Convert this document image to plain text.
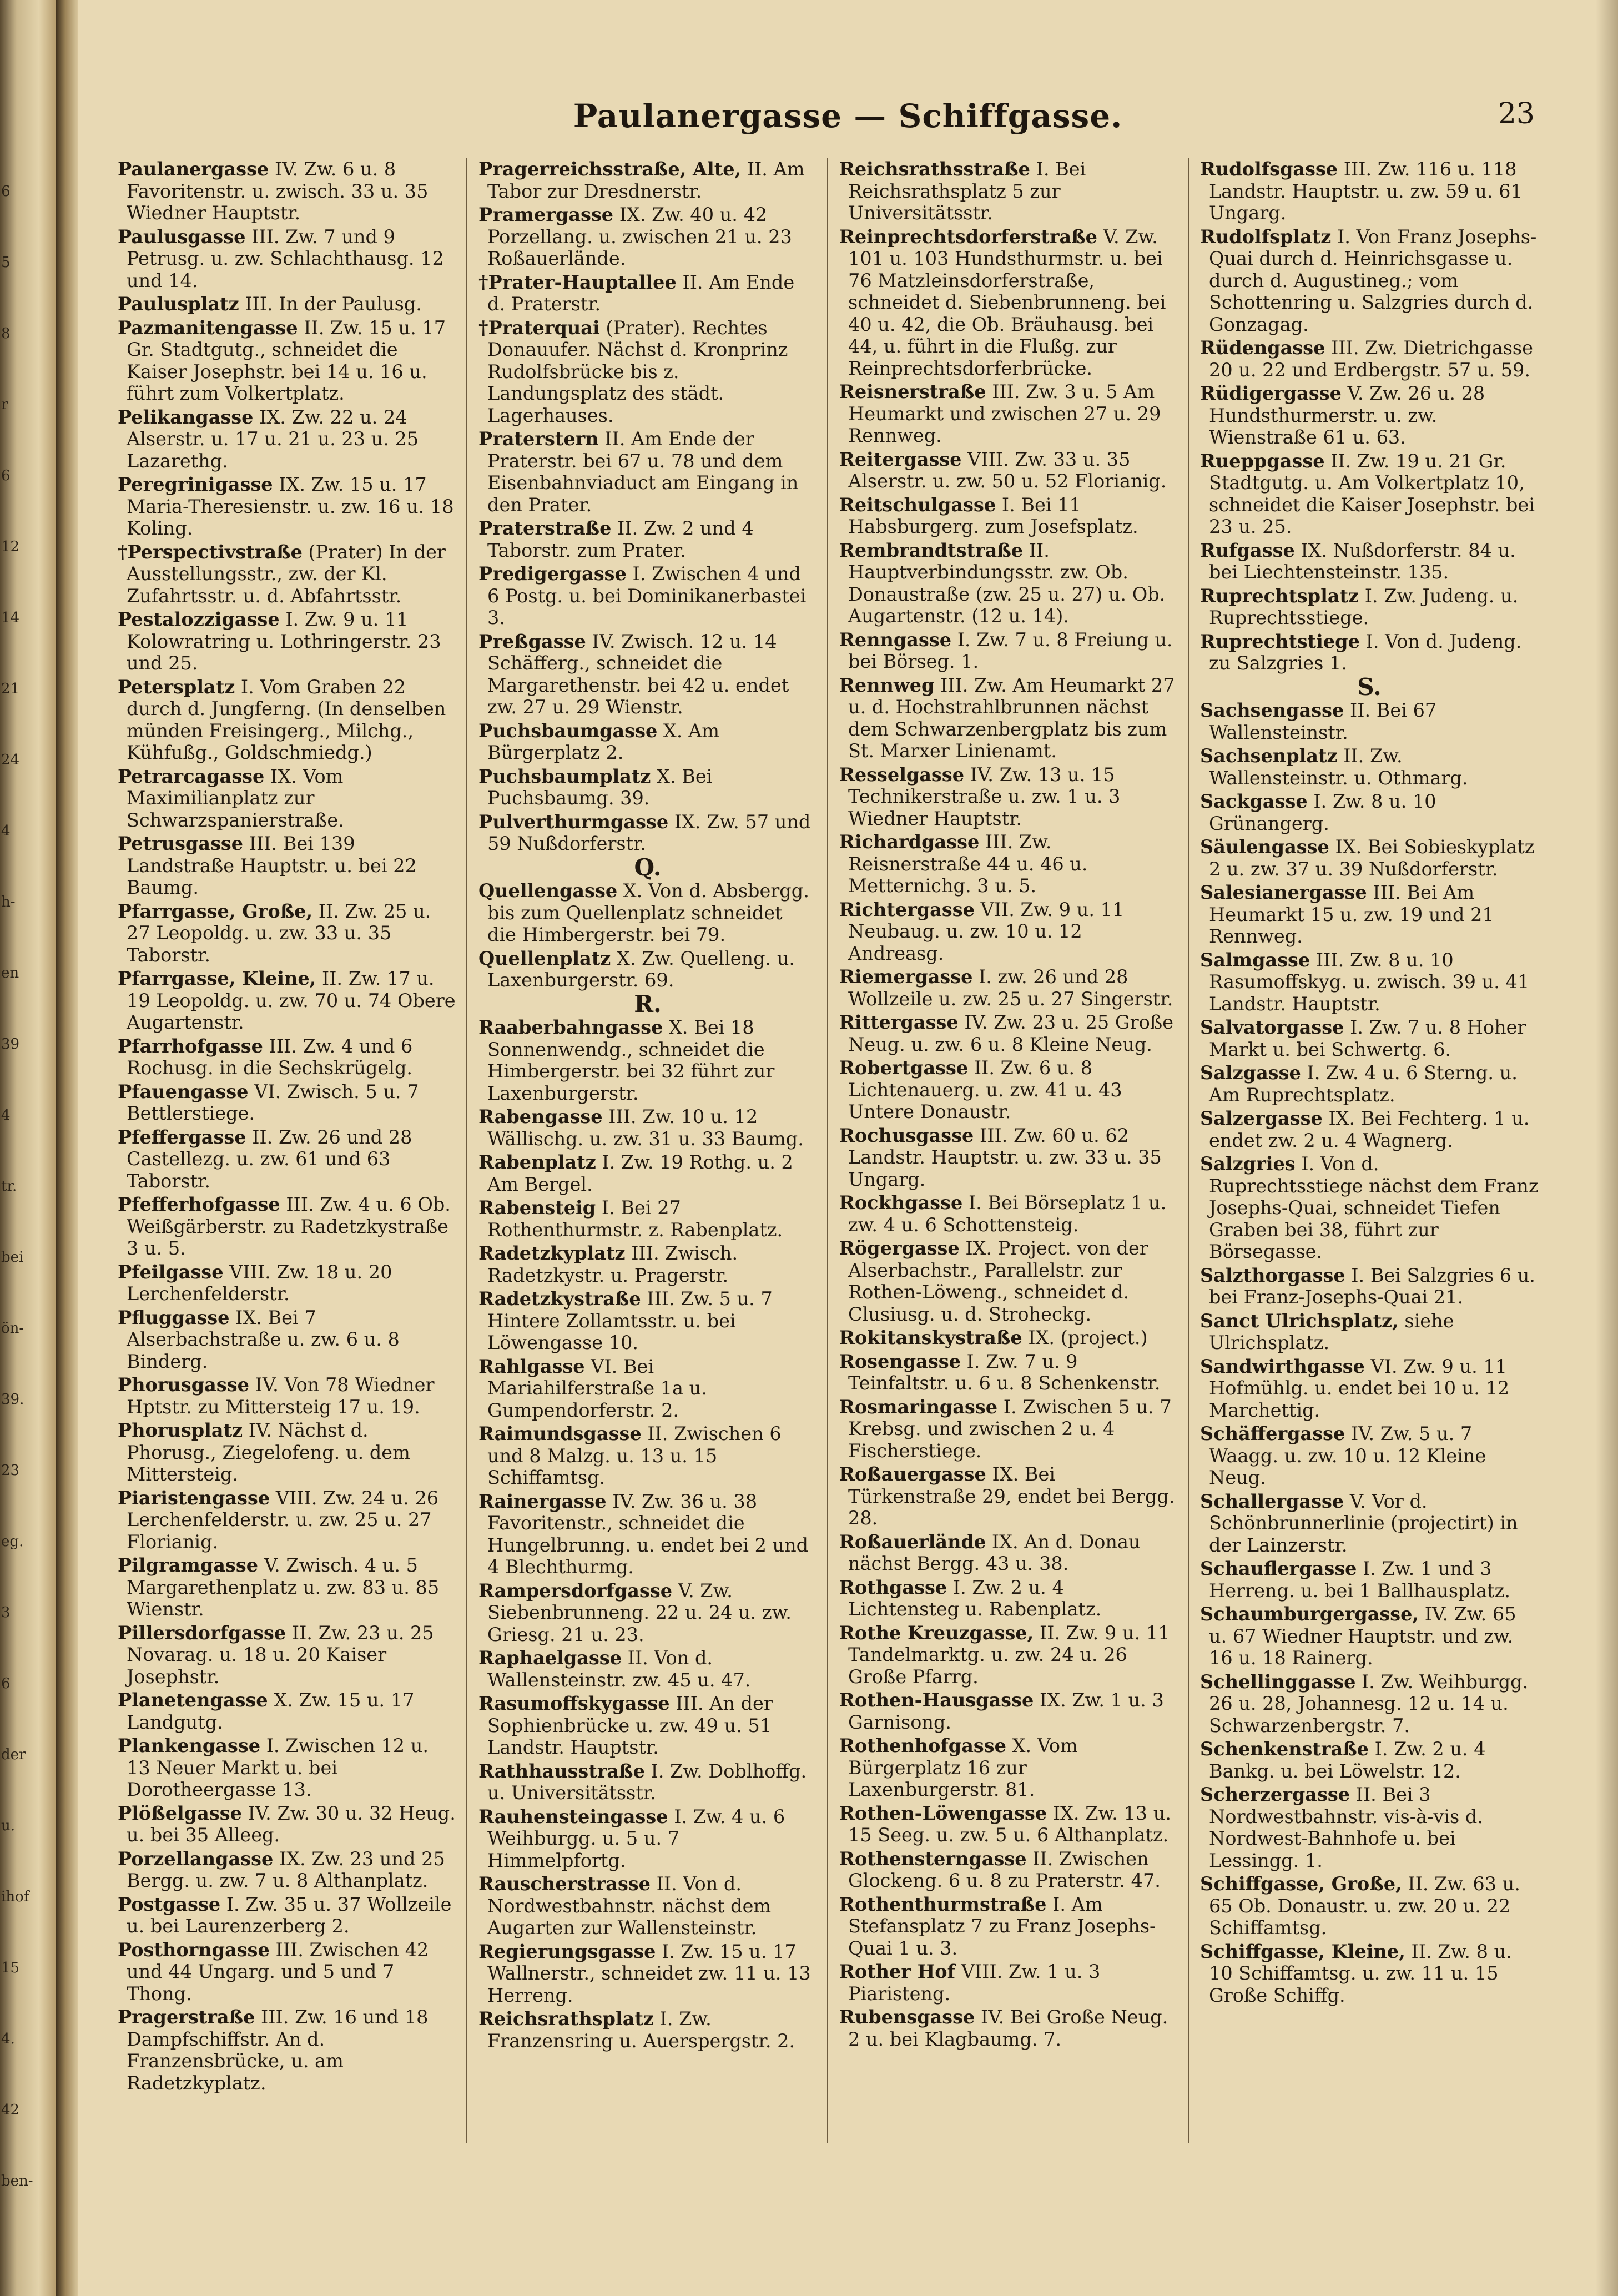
6
5
8
r
6
12
14
21
24
4
h-
en
39
4
tr.
bei
ön-
39.
23
eg.
3
6
der
u.
ihof
15
4.
42
ben-
Paulanergasse — Schiffgasse.	23

Paulanergasse IV. Zw. 6 u. 8 Favoritenstr. u. zwisch. 33 u. 35 Wiedner Hauptstr.

Paulusgasse III. Zw. 7 und 9 Petrusg. u. zw. Schlachthausg. 12 und 14.

Paulusplatz III. In der Paulusg.

Pazmanitengasse II. Zw. 15 u. 17 Gr. Stadtgutg., schneidet die Kaiser Josephstr. bei 14 u. 16 u. führt zum Volkertplatz.

Pelikangasse IX. Zw. 22 u. 24 Alserstr. u. 17 u. 21 u. 23 u. 25 Lazarethg.

Peregrinigasse IX. Zw. 15 u. 17 Maria-Theresienstr. u. zw. 16 u. 18 Koling.

†Perspectivstraße (Prater) In der Ausstellungsstr., zw. der Kl. Zufahrtsstr. u. d. Abfahrtsstr.

Pestalozzigasse I. Zw. 9 u. 11 Kolowratring u. Lothringerstr. 23 und 25.

Petersplatz I. Vom Graben 22 durch d. Jungferng. (In denselben münden Freisingerg., Milchg., Kühfußg., Goldschmiedg.)

Petrarcagasse IX. Vom Maximilianplatz zur Schwarzspanierstraße.

Petrusgasse III. Bei 139 Landstraße Hauptstr. u. bei 22 Baumg.

Pfarrgasse, Große, II. Zw. 25 u. 27 Leopoldg. u. zw. 33 u. 35 Taborstr.

Pfarrgasse, Kleine, II. Zw. 17 u. 19 Leopoldg. u. zw. 70 u. 74 Obere Augartenstr.

Pfarrhofgasse III. Zw. 4 und 6 Rochusg. in die Sechskrügelg.

Pfauengasse VI. Zwisch. 5 u. 7 Bettlerstiege.

Pfeffergasse II. Zw. 26 und 28 Castellezg. u. zw. 61 und 63 Taborstr.

Pfefferhofgasse III. Zw. 4 u. 6 Ob. Weißgärberstr. zu Radetzkystraße 3 u. 5.

Pfeilgasse VIII. Zw. 18 u. 20 Lerchenfelderstr.

Pfluggasse IX. Bei 7 Alserbachstraße u. zw. 6 u. 8 Binderg.

Phorusgasse IV. Von 78 Wiedner Hptstr. zu Mittersteig 17 u. 19.

Phorusplatz IV. Nächst d. Phorusg., Ziegelofeng. u. dem Mittersteig.

Piaristengasse VIII. Zw. 24 u. 26 Lerchenfelderstr. u. zw. 25 u. 27 Florianig.

Pilgramgasse V. Zwisch. 4 u. 5 Margarethenplatz u. zw. 83 u. 85 Wienstr.

Pillersdorfgasse II. Zw. 23 u. 25 Novarag. u. 18 u. 20 Kaiser Josephstr.

Planetengasse X. Zw. 15 u. 17 Landgutg.

Plankengasse I. Zwischen 12 u. 13 Neuer Markt u. bei Dorotheergasse 13.

Plößelgasse IV. Zw. 30 u. 32 Heug. u. bei 35 Alleeg.

Porzellangasse IX. Zw. 23 und 25 Bergg. u. zw. 7 u. 8 Althanplatz.

Postgasse I. Zw. 35 u. 37 Wollzeile u. bei Laurenzerberg 2.

Posthorngasse III. Zwischen 42 und 44 Ungarg. und 5 und 7 Thong.

Pragerstraße III. Zw. 16 und 18 Dampfschiffstr. An d. Franzensbrücke, u. am Radetzkyplatz.

Pragerreichsstraße, Alte, II. Am Tabor zur Dresdnerstr.

Pramergasse IX. Zw. 40 u. 42 Porzellang. u. zwischen 21 u. 23 Roßauerlände.

†Prater-Hauptallee II. Am Ende d. Praterstr.

†Praterquai (Prater). Rechtes Donauufer. Nächst d. Kronprinz Rudolfsbrücke bis z. Landungsplatz des städt. Lagerhauses.

Praterstern II. Am Ende der Praterstr. bei 67 u. 78 und dem Eisenbahnviaduct am Eingang in den Prater.

Praterstraße II. Zw. 2 und 4 Taborstr. zum Prater.

Predigergasse I. Zwischen 4 und 6 Postg. u. bei Dominikanerbastei 3.

Preßgasse IV. Zwisch. 12 u. 14 Schäfferg., schneidet die Margarethenstr. bei 42 u. endet zw. 27 u. 29 Wienstr.

Puchsbaumgasse X. Am Bürgerplatz 2.

Puchsbaumplatz X. Bei Puchsbaumg. 39.

Pulverthurmgasse IX. Zw. 57 und 59 Nußdorferstr.

Q.

Quellengasse X. Von d. Absbergg. bis zum Quellenplatz schneidet die Himbergerstr. bei 79.

Quellenplatz X. Zw. Quelleng. u. Laxenburgerstr. 69.

R.

Raaberbahngasse X. Bei 18 Sonnenwendg., schneidet die Himbergerstr. bei 32 führt zur Laxenburgerstr.

Rabengasse III. Zw. 10 u. 12 Wällischg. u. zw. 31 u. 33 Baumg.

Rabenplatz I. Zw. 19 Rothg. u. 2 Am Bergel.

Rabensteig I. Bei 27 Rothenthurmstr. z. Rabenplatz.

Radetzkyplatz III. Zwisch. Radetzkystr. u. Pragerstr.

Radetzkystraße III. Zw. 5 u. 7 Hintere Zollamtsstr. u. bei Löwengasse 10.

Rahlgasse VI. Bei Mariahilferstraße 1a u. Gumpendorferstr. 2.

Raimundsgasse II. Zwischen 6 und 8 Malzg. u. 13 u. 15 Schiffamtsg.

Rainergasse IV. Zw. 36 u. 38 Favoritenstr., schneidet die Hungelbrunng. u. endet bei 2 und 4 Blechthurmg.

Rampersdorfgasse V. Zw. Siebenbrunneng. 22 u. 24 u. zw. Griesg. 21 u. 23.

Raphaelgasse II. Von d. Wallensteinstr. zw. 45 u. 47.

Rasumoffskygasse III. An der Sophienbrücke u. zw. 49 u. 51 Landstr. Hauptstr.

Rathhausstraße I. Zw. Doblhoffg. u. Universitätsstr.

Rauhensteingasse I. Zw. 4 u. 6 Weihburgg. u. 5 u. 7 Himmelpfortg.

Rauscherstrasse II. Von d. Nordwestbahnstr. nächst dem Augarten zur Wallensteinstr.

Regierungsgasse I. Zw. 15 u. 17 Wallnerstr., schneidet zw. 11 u. 13 Herreng.

Reichsrathsplatz I. Zw. Franzensring u. Auerspergstr. 2.

Reichsrathsstraße I. Bei Reichsrathsplatz 5 zur Universitätsstr.

Reinprechtsdorferstraße V. Zw. 101 u. 103 Hundsthurmstr. u. bei 76 Matzleinsdorferstraße, schneidet d. Siebenbrunneng. bei 40 u. 42, die Ob. Bräuhausg. bei 44, u. führt in die Flußg. zur Reinprechtsdorferbrücke.

Reisnerstraße III. Zw. 3 u. 5 Am Heumarkt und zwischen 27 u. 29 Rennweg.

Reitergasse VIII. Zw. 33 u. 35 Alserstr. u. zw. 50 u. 52 Florianig.

Reitschulgasse I. Bei 11 Habsburgerg. zum Josefsplatz.

Rembrandtstraße II. Hauptverbindungsstr. zw. Ob. Donaustraße (zw. 25 u. 27) u. Ob. Augartenstr. (12 u. 14).

Renngasse I. Zw. 7 u. 8 Freiung u. bei Börseg. 1.

Rennweg III. Zw. Am Heumarkt 27 u. d. Hochstrahlbrunnen nächst dem Schwarzenbergplatz bis zum St. Marxer Linienamt.

Resselgasse IV. Zw. 13 u. 15 Technikerstraße u. zw. 1 u. 3 Wiedner Hauptstr.

Richardgasse III. Zw. Reisnerstraße 44 u. 46 u. Metternichg. 3 u. 5.

Richtergasse VII. Zw. 9 u. 11 Neubaug. u. zw. 10 u. 12 Andreasg.

Riemergasse I. zw. 26 und 28 Wollzeile u. zw. 25 u. 27 Singerstr.

Rittergasse IV. Zw. 23 u. 25 Große Neug. u. zw. 6 u. 8 Kleine Neug.

Robertgasse II. Zw. 6 u. 8 Lichtenauerg. u. zw. 41 u. 43 Untere Donaustr.

Rochusgasse III. Zw. 60 u. 62 Landstr. Hauptstr. u. zw. 33 u. 35 Ungarg.

Rockhgasse I. Bei Börseplatz 1 u. zw. 4 u. 6 Schottensteig.

Rögergasse IX. Project. von der Alserbachstr., Parallelstr. zur Rothen-Löweng., schneidet d. Clusiusg. u. d. Stroheckg.

Rokitanskystraße IX. (project.)

Rosengasse I. Zw. 7 u. 9 Teinfaltstr. u. 6 u. 8 Schenkenstr.

Rosmaringasse I. Zwischen 5 u. 7 Krebsg. und zwischen 2 u. 4 Fischerstiege.

Roßauergasse IX. Bei Türkenstraße 29, endet bei Bergg. 28.

Roßauerlände IX. An d. Donau nächst Bergg. 43 u. 38.

Rothgasse I. Zw. 2 u. 4 Lichtensteg u. Rabenplatz.

Rothe Kreuzgasse, II. Zw. 9 u. 11 Tandelmarktg. u. zw. 24 u. 26 Große Pfarrg.

Rothen-Hausgasse IX. Zw. 1 u. 3 Garnisong.

Rothenhofgasse X. Vom Bürgerplatz 16 zur Laxenburgerstr. 81.

Rothen-Löwengasse IX. Zw. 13 u. 15 Seeg. u. zw. 5 u. 6 Althanplatz.

Rothensterngasse II. Zwischen Glockeng. 6 u. 8 zu Praterstr. 47.

Rothenthurmstraße I. Am Stefansplatz 7 zu Franz Josephs-Quai 1 u. 3.

Rother Hof VIII. Zw. 1 u. 3 Piaristeng.

Rubensgasse IV. Bei Große Neug. 2 u. bei Klagbaumg. 7.

Rudolfsgasse III. Zw. 116 u. 118 Landstr. Hauptstr. u. zw. 59 u. 61 Ungarg.

Rudolfsplatz I. Von Franz Josephs-Quai durch d. Heinrichsgasse u. durch d. Augustineg.; vom Schottenring u. Salzgries durch d. Gonzagag.

Rüdengasse III. Zw. Dietrichgasse 20 u. 22 und Erdbergstr. 57 u. 59.

Rüdigergasse V. Zw. 26 u. 28 Hundsthurmerstr. u. zw. Wienstraße 61 u. 63.

Rueppgasse II. Zw. 19 u. 21 Gr. Stadtgutg. u. Am Volkertplatz 10, schneidet die Kaiser Josephstr. bei 23 u. 25.

Rufgasse IX. Nußdorferstr. 84 u. bei Liechtensteinstr. 135.

Ruprechtsplatz I. Zw. Judeng. u. Ruprechtsstiege.

Ruprechtstiege I. Von d. Judeng. zu Salzgries 1.

S.

Sachsengasse II. Bei 67 Wallensteinstr.

Sachsenplatz II. Zw. Wallensteinstr. u. Othmarg.

Sackgasse I. Zw. 8 u. 10 Grünangerg.

Säulengasse IX. Bei Sobieskyplatz 2 u. zw. 37 u. 39 Nußdorferstr.

Salesianergasse III. Bei Am Heumarkt 15 u. zw. 19 und 21 Rennweg.

Salmgasse III. Zw. 8 u. 10 Rasumoffskyg. u. zwisch. 39 u. 41 Landstr. Hauptstr.

Salvatorgasse I. Zw. 7 u. 8 Hoher Markt u. bei Schwertg. 6.

Salzgasse I. Zw. 4 u. 6 Sterng. u. Am Ruprechtsplatz.

Salzergasse IX. Bei Fechterg. 1 u. endet zw. 2 u. 4 Wagnerg.

Salzgries I. Von d. Ruprechtsstiege nächst dem Franz Josephs-Quai, schneidet Tiefen Graben bei 38, führt zur Börsegasse.

Salzthorgasse I. Bei Salzgries 6 u. bei Franz-Josephs-Quai 21.

Sanct Ulrichsplatz, siehe Ulrichsplatz.

Sandwirthgasse VI. Zw. 9 u. 11 Hofmühlg. u. endet bei 10 u. 12 Marchettig.

Schäffergasse IV. Zw. 5 u. 7 Waagg. u. zw. 10 u. 12 Kleine Neug.

Schallergasse V. Vor d. Schönbrunnerlinie (projectirt) in der Lainzerstr.

Schauflergasse I. Zw. 1 und 3 Herreng. u. bei 1 Ballhausplatz.

Schaumburgergasse, IV. Zw. 65 u. 67 Wiedner Hauptstr. und zw. 16 u. 18 Rainerg.

Schellinggasse I. Zw. Weihburgg. 26 u. 28, Johannesg. 12 u. 14 u. Schwarzenbergstr. 7.

Schenkenstraße I. Zw. 2 u. 4 Bankg. u. bei Löwelstr. 12.

Scherzergasse II. Bei 3 Nordwestbahnstr. vis-à-vis d. Nordwest-Bahnhofe u. bei Lessingg. 1.

Schiffgasse, Große, II. Zw. 63 u. 65 Ob. Donaustr. u. zw. 20 u. 22 Schiffamtsg.

Schiffgasse, Kleine, II. Zw. 8 u. 10 Schiffamtsg. u. zw. 11 u. 15 Große Schiffg.
